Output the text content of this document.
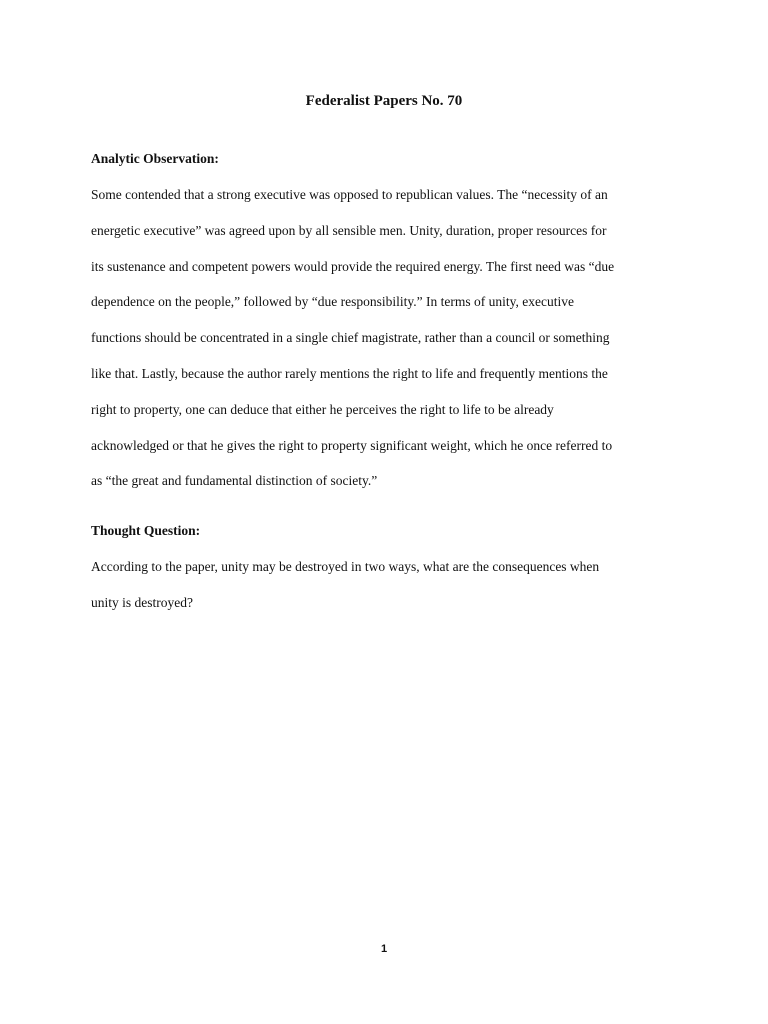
Federalist Papers No. 70
Analytic Observation:

Some contended that a strong executive was opposed to republican values. The “necessity of an
energetic executive” was agreed upon by all sensible men. Unity, duration, proper resources for
its sustenance and competent powers would provide the required energy. The first need was “due
dependence on the people,” followed by “due responsibility.” In terms of unity, executive
functions should be concentrated in a single chief magistrate, rather than a council or something
like that. Lastly, because the author rarely mentions the right to life and frequently mentions the
right to property, one can deduce that either he perceives the right to life to be already
acknowledged or that he gives the right to property significant weight, which he once referred to
as “the great and fundamental distinction of society.”

Thought Question:

According to the paper, unity may be destroyed in two ways, what are the consequences when
unity is destroyed?

1
